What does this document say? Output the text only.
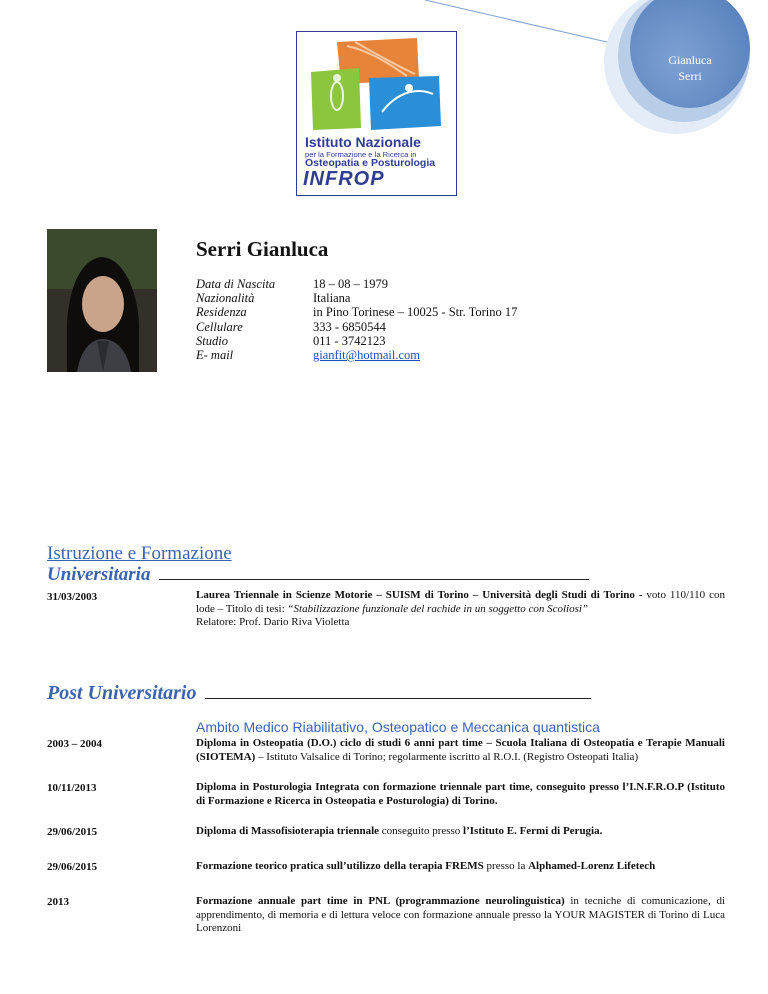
Gianluca
Serri
Istituto Nazionale
per la Formazione e la Ricerca in
Osteopatia e Posturologia
INFROP
Serri Gianluca
Data di Nascita	18 – 08 – 1979
Nazionalità	Italiana
Residenza	in Pino Torinese – 10025 - Str. Torino 17
Cellulare	333 - 6850544
Studio	011 - 3742123
E- mail	gianfit@hotmail.com
Istruzione e Formazione
Universitaria
31/03/2003	Laurea Triennale in Scienze Motorie – SUISM di Torino – Università degli Studi di Torino - voto 110/110 con lode – Titolo di tesi: “Stabilizzazione funzionale del rachide in un soggetto con Scoliosi”
Relatore: Prof. Dario Riva Violetta
Post Universitario
Ambito Medico Riabilitativo, Osteopatico e Meccanica quantistica
2003 – 2004	Diploma in Osteopatia (D.O.) ciclo di studi 6 anni part time – Scuola Italiana di Osteopatia e Terapie Manuali (SIOTEMA) – Istituto Valsalice di Torino; regolarmente iscritto al R.O.I. (Registro Osteopati Italia)
10/11/2013	Diploma in Posturologia Integrata con formazione triennale part time, conseguito presso l’I.N.F.R.O.P (Istituto di Formazione e Ricerca in Osteopatia e Posturologia) di Torino.
29/06/2015	Diploma di Massofisioterapia triennale conseguito presso l’Istituto E. Fermi di Perugia.
29/06/2015	Formazione teorico pratica sull’utilizzo della terapia FREMS presso la Alphamed-Lorenz Lifetech
2013	Formazione annuale part time in PNL (programmazione neurolinguistica) in tecniche di comunicazione, di apprendimento, di memoria e di lettura veloce con formazione annuale presso la YOUR MAGISTER di Torino di Luca Lorenzoni
